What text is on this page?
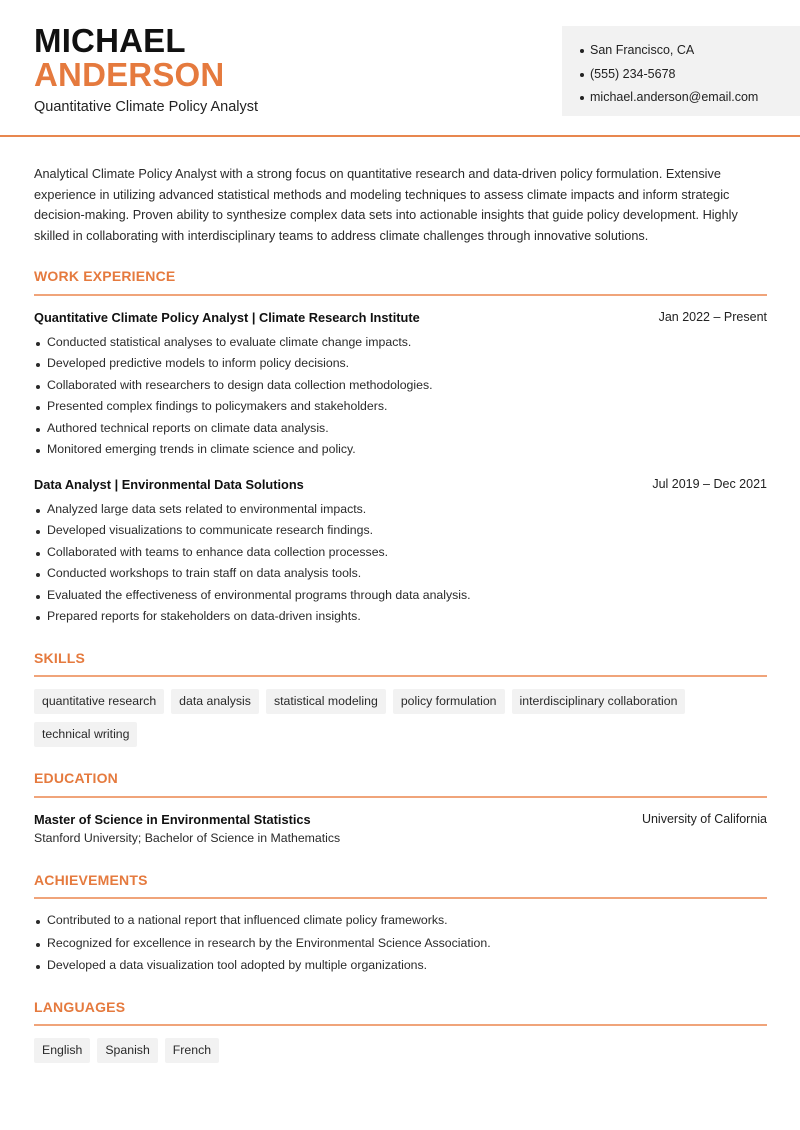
MICHAEL
ANDERSON
Quantitative Climate Policy Analyst
San Francisco, CA
(555) 234-5678
michael.anderson@email.com

Analytical Climate Policy Analyst with a strong focus on quantitative research and data-driven policy formulation. Extensive experience in utilizing advanced statistical methods and modeling techniques to assess climate impacts and inform strategic decision-making. Proven ability to synthesize complex data sets into actionable insights that guide policy development. Highly skilled in collaborating with interdisciplinary teams to address climate challenges through innovative solutions.

WORK EXPERIENCE
Quantitative Climate Policy Analyst | Climate Research Institute	Jan 2022 – Present
Conducted statistical analyses to evaluate climate change impacts.
Developed predictive models to inform policy decisions.
Collaborated with researchers to design data collection methodologies.
Presented complex findings to policymakers and stakeholders.
Authored technical reports on climate data analysis.
Monitored emerging trends in climate science and policy.
Data Analyst | Environmental Data Solutions	Jul 2019 – Dec 2021
Analyzed large data sets related to environmental impacts.
Developed visualizations to communicate research findings.
Collaborated with teams to enhance data collection processes.
Conducted workshops to train staff on data analysis tools.
Evaluated the effectiveness of environmental programs through data analysis.
Prepared reports for stakeholders on data-driven insights.
SKILLS
quantitative research	data analysis	statistical modeling	policy formulation	interdisciplinary collaboration
technical writing
EDUCATION
Master of Science in Environmental Statistics	University of California
Stanford University; Bachelor of Science in Mathematics
ACHIEVEMENTS
Contributed to a national report that influenced climate policy frameworks.
Recognized for excellence in research by the Environmental Science Association.
Developed a data visualization tool adopted by multiple organizations.
LANGUAGES
English	Spanish	French
